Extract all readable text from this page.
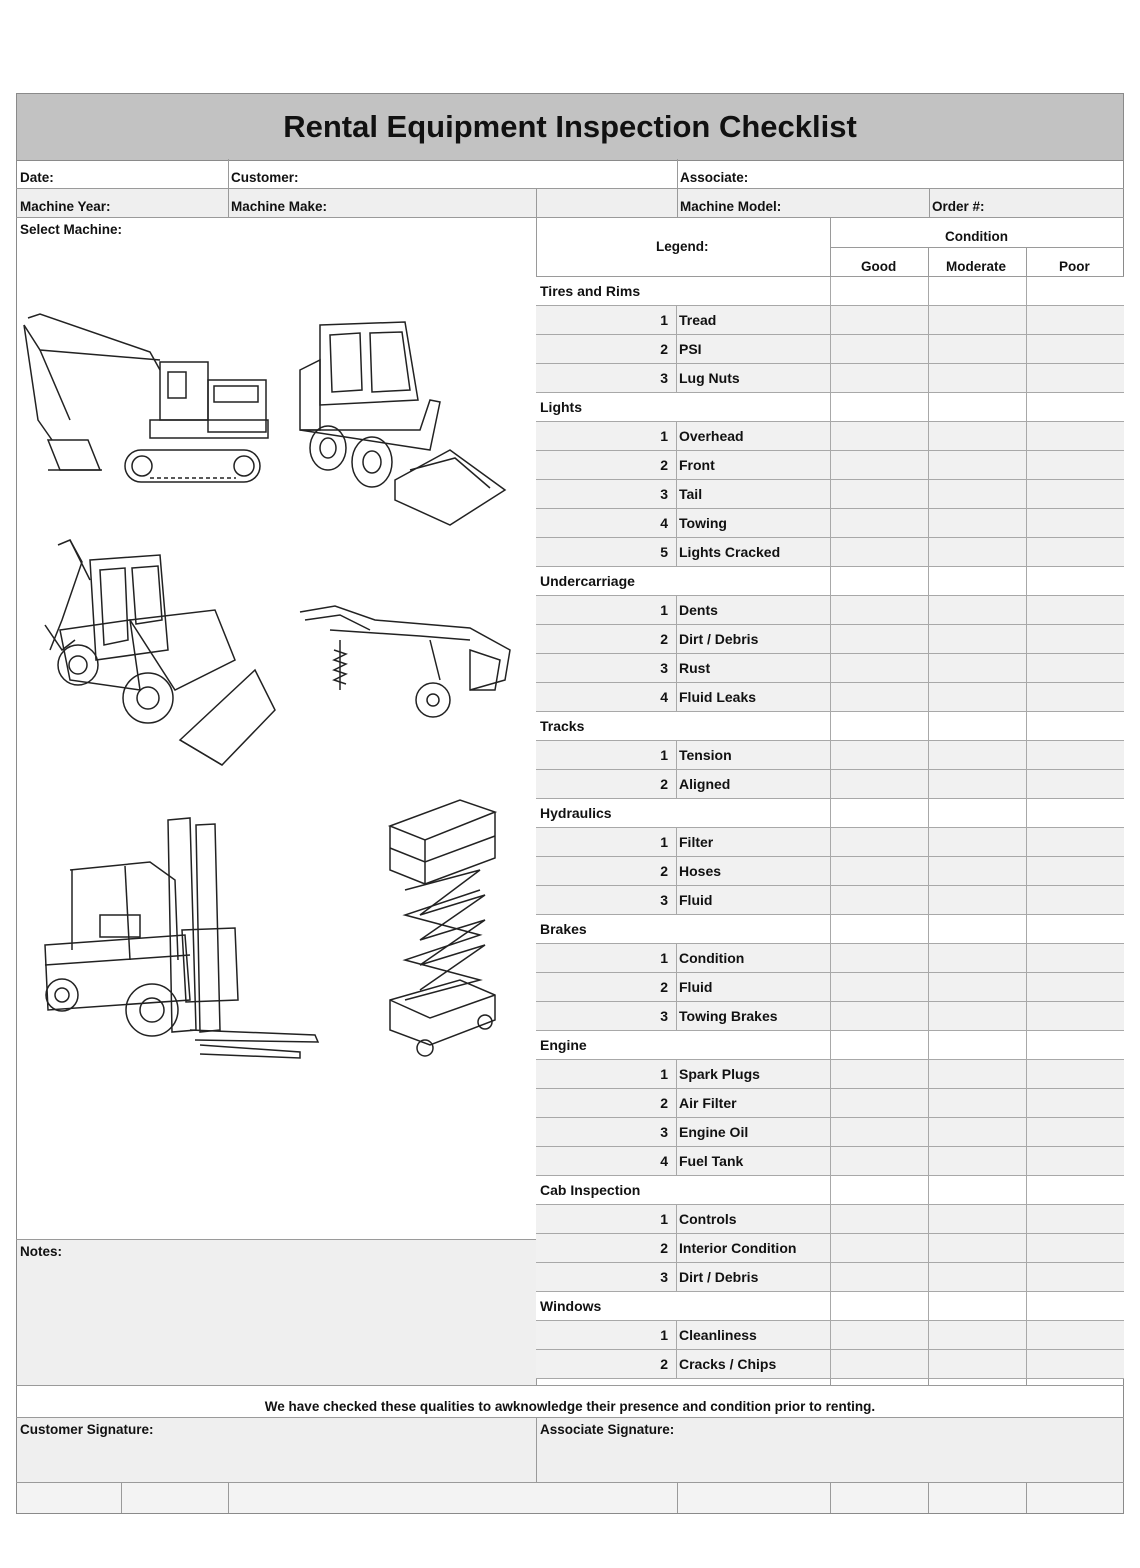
Rental Equipment Inspection Checklist
Date:	Customer:	Associate:
Machine Year:	Machine Make:	Machine Model:	Order #:
Select Machine:
Legend:
Condition
Good	Moderate	Poor
Tires and Rims
1 Tread
2 PSI
3 Lug Nuts
Lights
1 Overhead
2 Front
3 Tail
4 Towing
5 Lights Cracked
Undercarriage
1 Dents
2 Dirt / Debris
3 Rust
4 Fluid Leaks
Tracks
1 Tension
2 Aligned
Hydraulics
1 Filter
2 Hoses
3 Fluid
Brakes
1 Condition
2 Fluid
3 Towing Brakes
Engine
1 Spark Plugs
2 Air Filter
3 Engine Oil
4 Fuel Tank
Cab Inspection
1 Controls
2 Interior Condition
3 Dirt / Debris
Windows
1 Cleanliness
2 Cracks / Chips
Notes:
We have checked these qualities to awknowledge their presence and condition prior to renting.
Customer Signature:	Associate Signature:
